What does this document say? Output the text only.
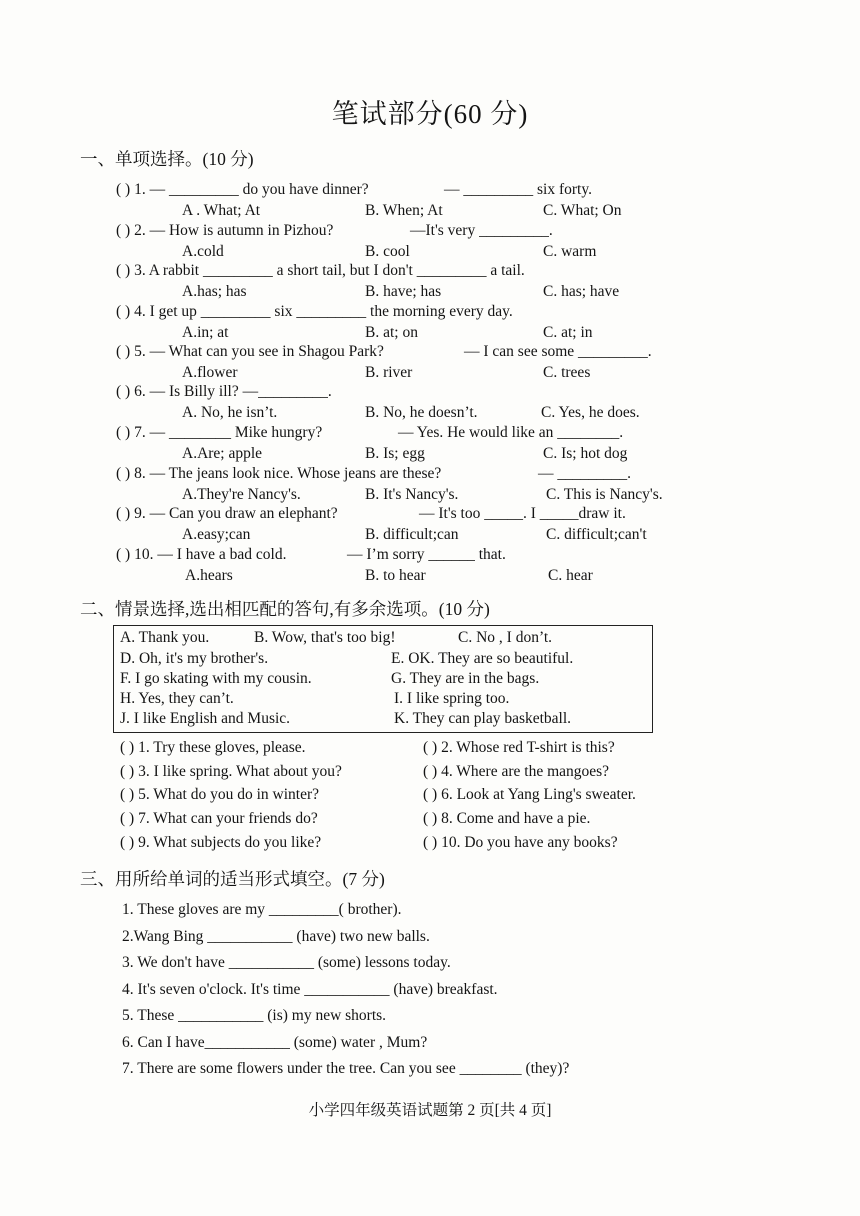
笔试部分(60 分)
一、单项选择。(10 分)
( ) 1. — _________ do you have dinner?	— _________ six forty.
A . What; At	B. When; At	C. What; On
( ) 2. — How is autumn in Pizhou?	—It's very _________.
A.cold	B. cool	C. warm
( ) 3. A rabbit _________ a short tail, but I don't _________ a tail.
A.has; has	B. have; has	C. has; have
( ) 4. I get up _________ six _________ the morning every day.
A.in; at	B. at; on	C. at; in
( ) 5. — What can you see in Shagou Park?	— I can see some _________.
A.flower	B. river	C. trees
( ) 6. — Is Billy ill? —_________.
A. No, he isn’t.	B. No, he doesn’t.	C. Yes, he does.
( ) 7. — ________ Mike hungry?	— Yes. He would like an ________.
A.Are; apple	B. Is; egg	C. Is; hot dog
( ) 8. — The jeans look nice. Whose jeans are these?	— _________.
A.They're Nancy's.	B. It's Nancy's.	C. This is Nancy's.
( ) 9. — Can you draw an elephant?	— It's too _____. I _____draw it.
A.easy;can	B. difficult;can	C. difficult;can't
( ) 10. — I have a bad cold.	— I’m sorry ______ that.
A.hears	B. to hear	C. hear
二、情景选择,选出相匹配的答句,有多余选项。(10 分)
A. Thank you.	B. Wow, that's too big!	C. No , I don’t.
D. Oh, it's my brother's.	E. OK. They are so beautiful.
F. I go skating with my cousin.	G. They are in the bags.
H. Yes, they can’t.	I. I like spring too.
J. I like English and Music.	K. They can play basketball.
( ) 1. Try these gloves, please.	( ) 2. Whose red T-shirt is this?
( ) 3. I like spring. What about you?	( ) 4. Where are the mangoes?
( ) 5. What do you do in winter?	( ) 6. Look at Yang Ling's sweater.
( ) 7. What can your friends do?	( ) 8. Come and have a pie.
( ) 9. What subjects do you like?	( ) 10. Do you have any books?
三、用所给单词的适当形式填空。(7 分)
1. These gloves are my _________( brother).
2.Wang Bing ___________ (have) two new balls.
3. We don't have ___________ (some) lessons today.
4. It's seven o'clock. It's time ___________ (have) breakfast.
5. These ___________ (is) my new shorts.
6. Can I have___________ (some) water , Mum?
7. There are some flowers under the tree. Can you see ________ (they)?
小学四年级英语试题第 2 页[共 4 页]
